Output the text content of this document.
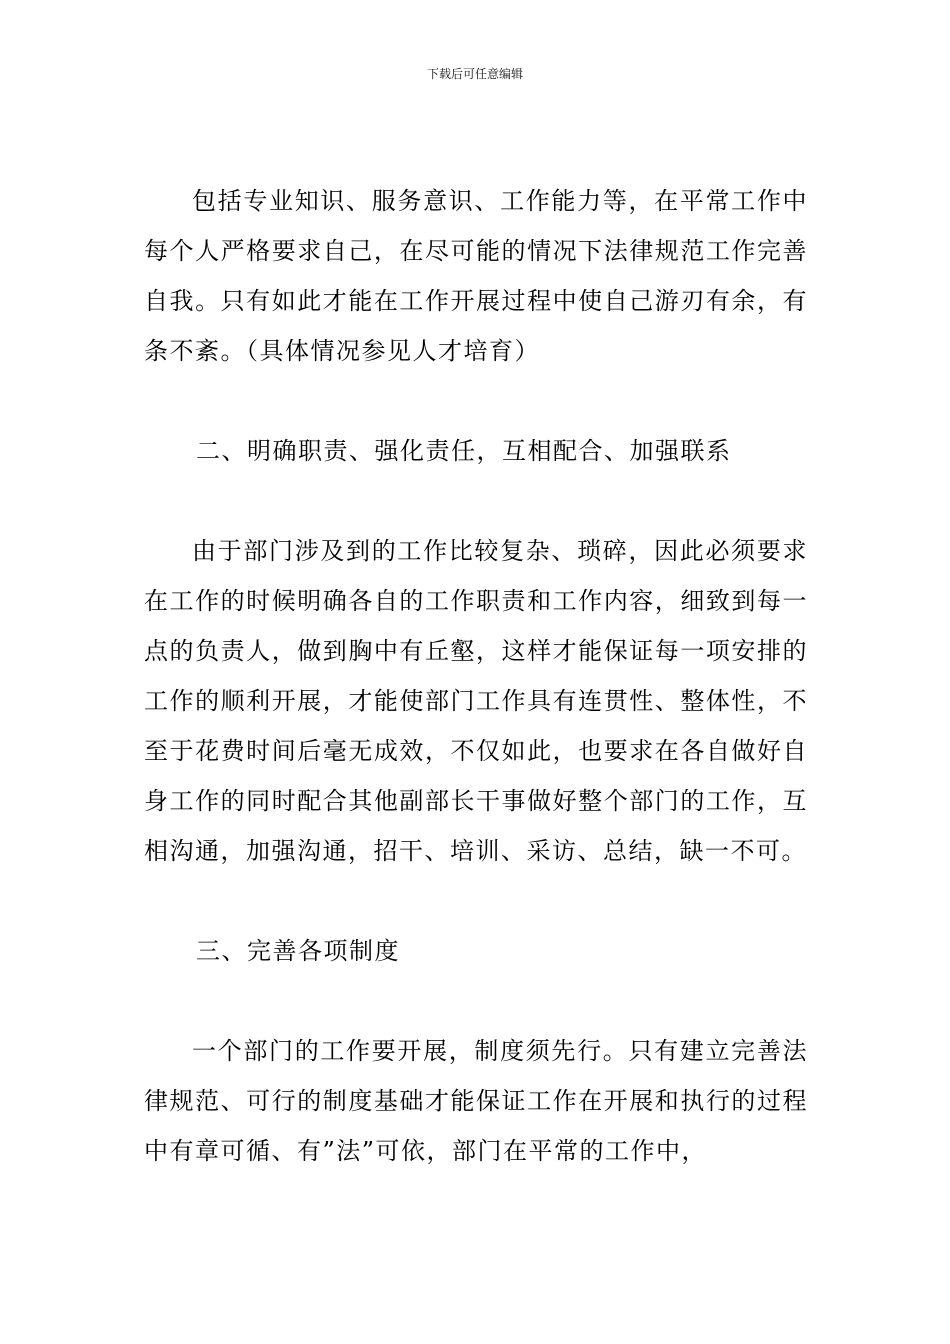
下载后可任意编辑

包括专业知识、服务意识、工作能力等，在平常工作中每个人严格要求自己，在尽可能的情况下法律规范工作完善自我。只有如此才能在工作开展过程中使自己游刃有余，有条不紊。（具体情况参见人才培育）

二、明确职责、强化责任，互相配合、加强联系

由于部门涉及到的工作比较复杂、琐碎，因此必须要求在工作的时候明确各自的工作职责和工作内容，细致到每一点的负责人，做到胸中有丘壑，这样才能保证每一项安排的工作的顺利开展，才能使部门工作具有连贯性、整体性，不至于花费时间后毫无成效，不仅如此，也要求在各自做好自身工作的同时配合其他副部长干事做好整个部门的工作，互相沟通，加强沟通，招干、培训、采访、总结，缺一不可。

三、完善各项制度

一个部门的工作要开展，制度须先行。只有建立完善法律规范、可行的制度基础才能保证工作在开展和执行的过程中有章可循、有”法”可依，部门在平常的工作中，
